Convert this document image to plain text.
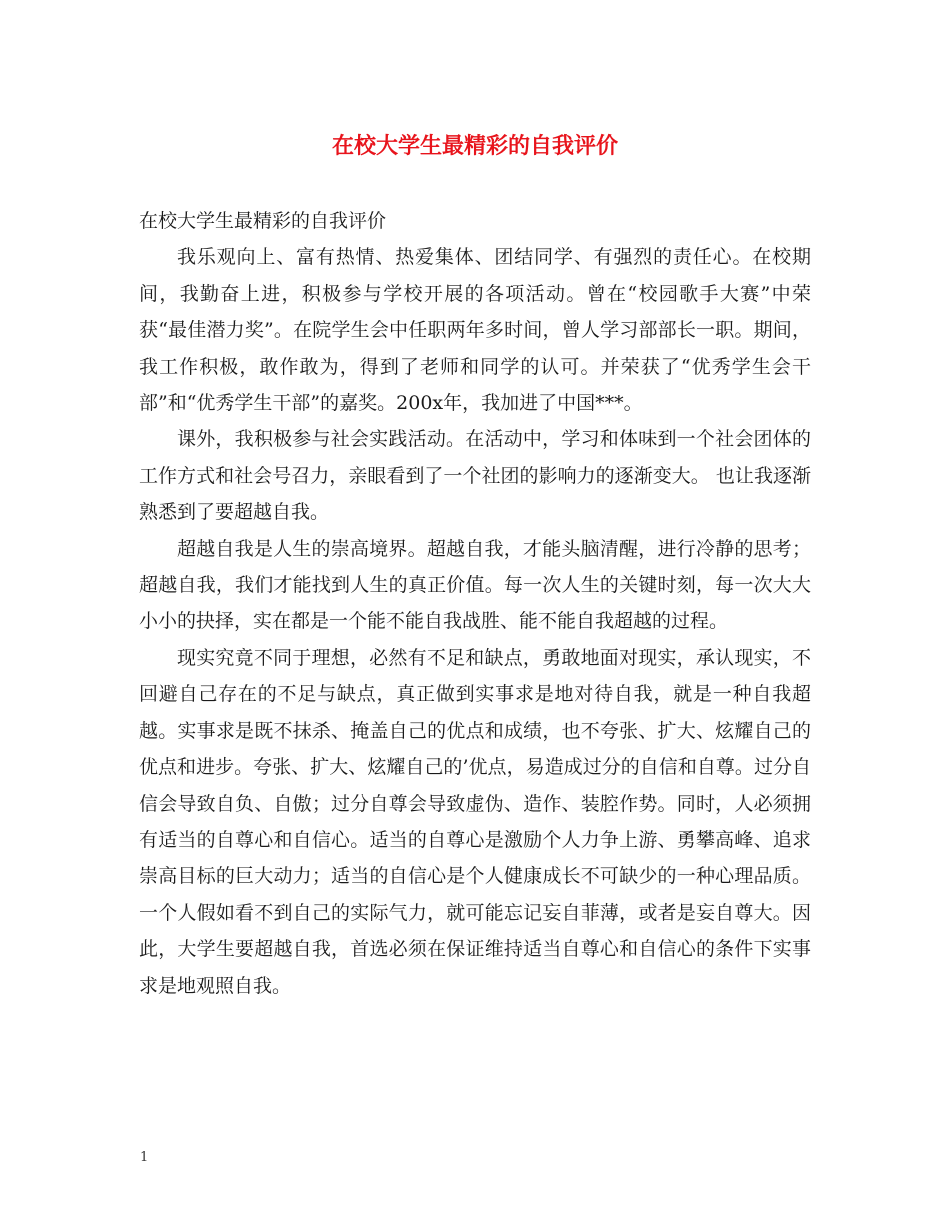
在校大学生最精彩的自我评价

在校大学生最精彩的自我评价

我乐观向上、富有热情、热爱集体、团结同学、有强烈的责任心。在校期间，我勤奋上进，积极参与学校开展的各项活动。曾在“校园歌手大赛”中荣获“最佳潜力奖”。在院学生会中任职两年多时间，曾人学习部部长一职。期间，我工作积极，敢作敢为，得到了老师和同学的认可。并荣获了“优秀学生会干部”和“优秀学生干部”的嘉奖。200x年，我加进了中国***。

课外，我积极参与社会实践活动。在活动中，学习和体味到一个社会团体的工作方式和社会号召力，亲眼看到了一个社团的影响力的逐渐变大。 也让我逐渐熟悉到了要超越自我。

超越自我是人生的崇高境界。超越自我，才能头脑清醒，进行冷静的思考；超越自我，我们才能找到人生的真正价值。每一次人生的关键时刻，每一次大大小小的抉择，实在都是一个能不能自我战胜、能不能自我超越的过程。

现实究竟不同于理想，必然有不足和缺点，勇敢地面对现实，承认现实，不回避自己存在的不足与缺点，真正做到实事求是地对待自我，就是一种自我超越。实事求是既不抹杀、掩盖自己的优点和成绩，也不夸张、扩大、炫耀自己的优点和进步。夸张、扩大、炫耀自己的’优点，易造成过分的自信和自尊。过分自信会导致自负、自傲；过分自尊会导致虚伪、造作、装腔作势。同时，人必须拥有适当的自尊心和自信心。适当的自尊心是激励个人力争上游、勇攀高峰、追求崇高目标的巨大动力；适当的自信心是个人健康成长不可缺少的一种心理品质。一个人假如看不到自己的实际气力，就可能忘记妄自菲薄，或者是妄自尊大。因此，大学生要超越自我，首选必须在保证维持适当自尊心和自信心的条件下实事求是地观照自我。

1
